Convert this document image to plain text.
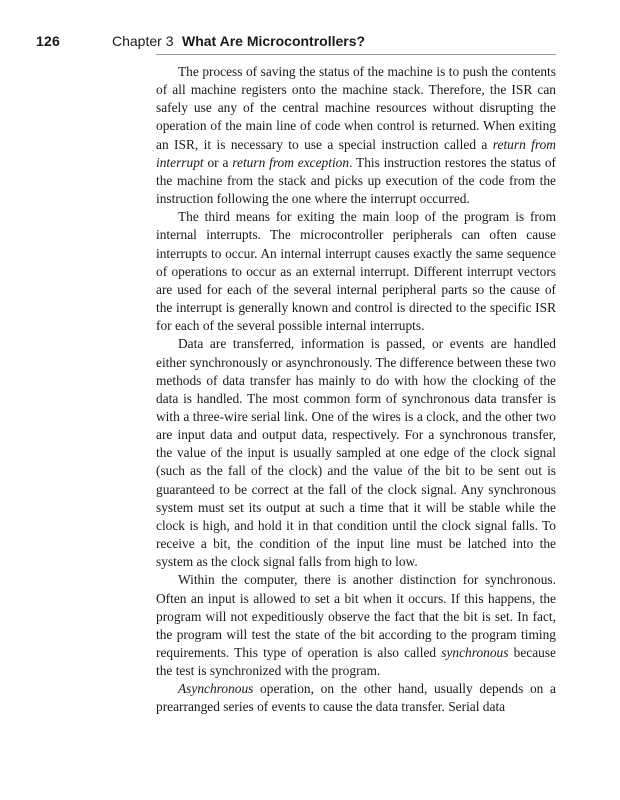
126	Chapter 3 What Are Microcontrollers?

The process of saving the status of the machine is to push the contents of all machine registers onto the machine stack. Therefore, the ISR can safely use any of the central machine resources without disrupting the operation of the main line of code when control is returned. When exiting an ISR, it is necessary to use a special instruction called a return from interrupt or a return from exception. This instruction restores the status of the machine from the stack and picks up execution of the code from the instruction following the one where the interrupt occurred.

The third means for exiting the main loop of the program is from internal interrupts. The microcontroller peripherals can often cause interrupts to occur. An internal interrupt causes exactly the same sequence of operations to occur as an external interrupt. Different interrupt vectors are used for each of the several internal peripheral parts so the cause of the interrupt is generally known and control is directed to the specific ISR for each of the several possible internal interrupts.

Data are transferred, information is passed, or events are handled either synchronously or asynchronously. The difference between these two methods of data transfer has mainly to do with how the clocking of the data is handled. The most common form of synchronous data transfer is with a three-wire serial link. One of the wires is a clock, and the other two are input data and output data, respectively. For a synchronous transfer, the value of the input is usually sampled at one edge of the clock signal (such as the fall of the clock) and the value of the bit to be sent out is guaranteed to be correct at the fall of the clock signal. Any synchronous system must set its output at such a time that it will be stable while the clock is high, and hold it in that condition until the clock signal falls. To receive a bit, the condition of the input line must be latched into the system as the clock signal falls from high to low.

Within the computer, there is another distinction for synchronous. Often an input is allowed to set a bit when it occurs. If this happens, the program will not expeditiously observe the fact that the bit is set. In fact, the program will test the state of the bit according to the program timing requirements. This type of operation is also called synchronous because the test is synchronized with the program.

Asynchronous operation, on the other hand, usually depends on a prearranged series of events to cause the data transfer. Serial data
